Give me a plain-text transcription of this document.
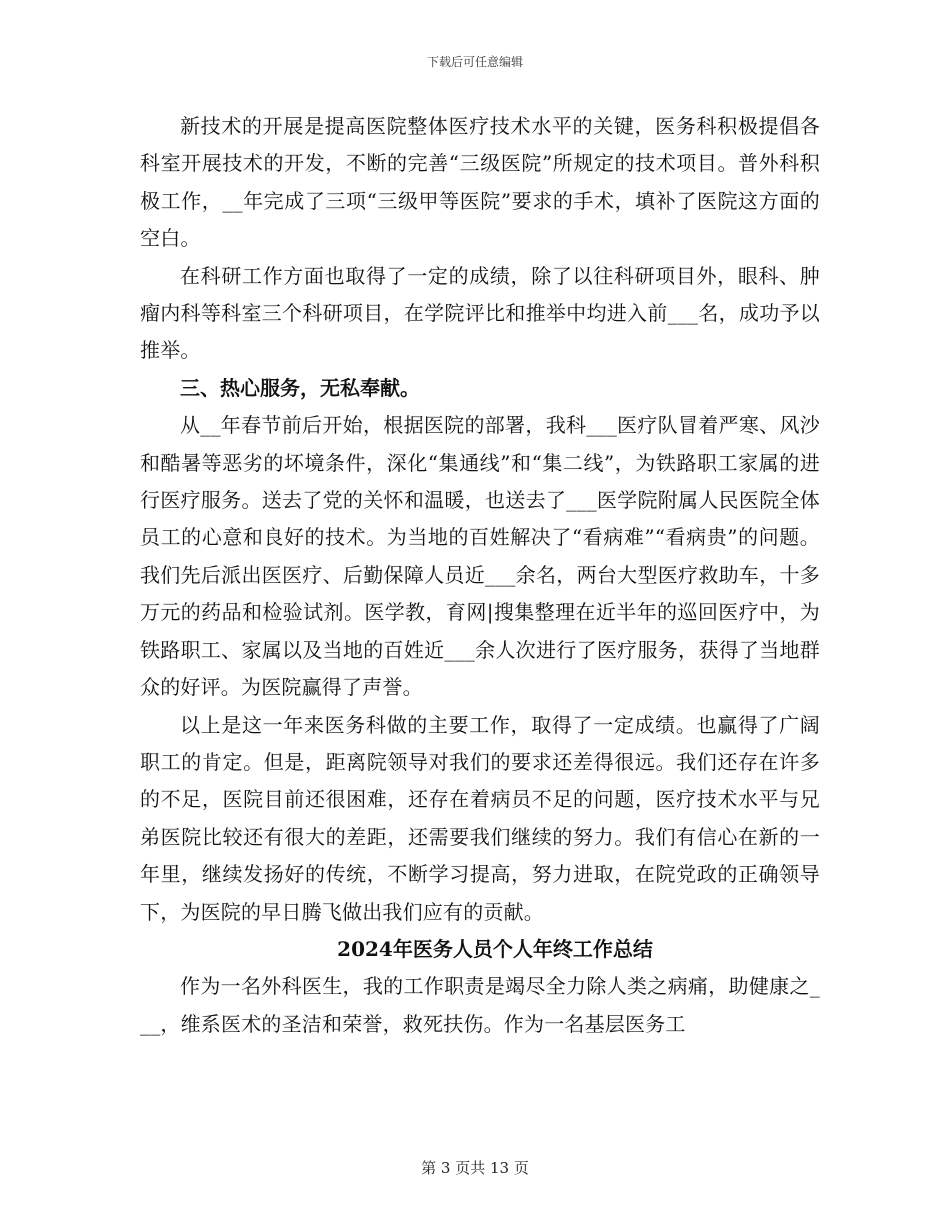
下载后可任意编辑

新技术的开展是提高医院整体医疗技术水平的关键，医务科积极提倡各科室开展技术的开发，不断的完善“三级医院”所规定的技术项目。普外科积极工作，__年完成了三项“三级甲等医院”要求的手术，填补了医院这方面的空白。

在科研工作方面也取得了一定的成绩，除了以往科研项目外，眼科、肿瘤内科等科室三个科研项目，在学院评比和推举中均进入前___名，成功予以推举。

三、热心服务，无私奉献。

从__年春节前后开始，根据医院的部署，我科___医疗队冒着严寒、风沙和酷暑等恶劣的坏境条件，深化“集通线”和“集二线”，为铁路职工家属的进行医疗服务。送去了党的关怀和温暖，也送去了___医学院附属人民医院全体员工的心意和良好的技术。为当地的百姓解决了“看病难”“看病贵”的问题。我们先后派出医医疗、后勤保障人员近___余名，两台大型医疗救助车，十多万元的药品和检验试剂。医学教，育网|搜集整理在近半年的巡回医疗中，为铁路职工、家属以及当地的百姓近___余人次进行了医疗服务，获得了当地群众的好评。为医院赢得了声誉。

以上是这一年来医务科做的主要工作，取得了一定成绩。也赢得了广阔职工的肯定。但是，距离院领导对我们的要求还差得很远。我们还存在许多的不足，医院目前还很困难，还存在着病员不足的问题，医疗技术水平与兄弟医院比较还有很大的差距，还需要我们继续的努力。我们有信心在新的一年里，继续发扬好的传统，不断学习提高，努力进取，在院党政的正确领导下，为医院的早日腾飞做出我们应有的贡献。

2024年医务人员个人年终工作总结

作为一名外科医生，我的工作职责是竭尽全力除人类之病痛，助健康之___，维系医术的圣洁和荣誉，救死扶伤。作为一名基层医务工

第 3 页共 13 页
